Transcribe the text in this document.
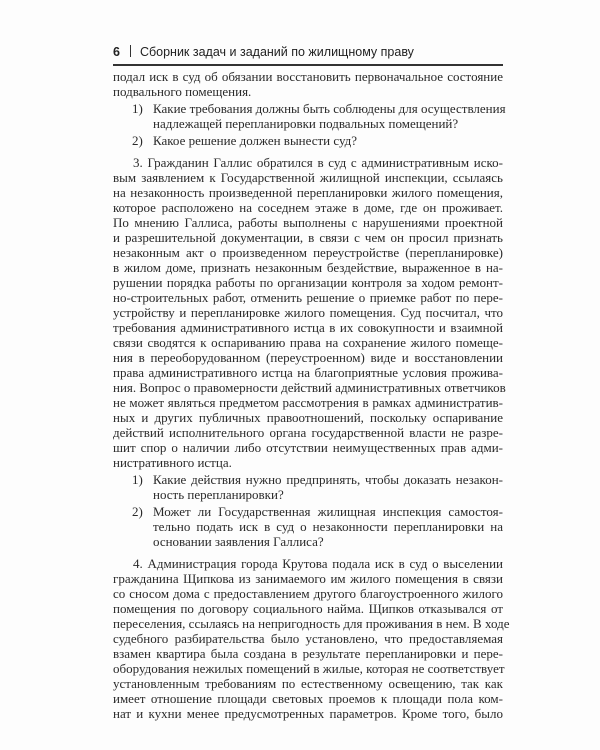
6 Сборник задач и заданий по жилищному праву
подал иск в суд об обязании восстановить первоначальное состояние
подвального помещения.
1) Какие требования должны быть соблюдены для осуществления
надлежащей перепланировки подвальных помещений?
2) Какое решение должен вынести суд?
3. Гражданин Галлис обратился в суд с административным иско-
вым заявлением к Государственной жилищной инспекции, ссылаясь
на незаконность произведенной перепланировки жилого помещения,
которое расположено на соседнем этаже в доме, где он проживает.
По мнению Галлиса, работы выполнены с нарушениями проектной
и разрешительной документации, в связи с чем он просил признать
незаконным акт о произведенном переустройстве (перепланировке)
в жилом доме, признать незаконным бездействие, выраженное в на-
рушении порядка работы по организации контроля за ходом ремонт-
но-строительных работ, отменить решение о приемке работ по пере-
устройству и перепланировке жилого помещения. Суд посчитал, что
требования административного истца в их совокупности и взаимной
связи сводятся к оспариванию права на сохранение жилого помеще-
ния в переоборудованном (переустроенном) виде и восстановлении
права административного истца на благоприятные условия прожива-
ния. Вопрос о правомерности действий административных ответчиков
не может являться предметом рассмотрения в рамках административ-
ных и других публичных правоотношений, поскольку оспаривание
действий исполнительного органа государственной власти не разре-
шит спор о наличии либо отсутствии неимущественных прав адми-
нистративного истца.
1) Какие действия нужно предпринять, чтобы доказать незакон-
ность перепланировки?
2) Может ли Государственная жилищная инспекция самостоя-
тельно подать иск в суд о незаконности перепланировки на
основании заявления Галлиса?
4. Администрация города Крутова подала иск в суд о выселении
гражданина Щипкова из занимаемого им жилого помещения в связи
со сносом дома с предоставлением другого благоустроенного жилого
помещения по договору социального найма. Щипков отказывался от
переселения, ссылаясь на непригодность для проживания в нем. В ходе
судебного разбирательства было установлено, что предоставляемая
взамен квартира была создана в результате перепланировки и пере-
оборудования нежилых помещений в жилые, которая не соответствует
установленным требованиям по естественному освещению, так как
имеет отношение площади световых проемов к площади пола ком-
нат и кухни менее предусмотренных параметров. Кроме того, было
